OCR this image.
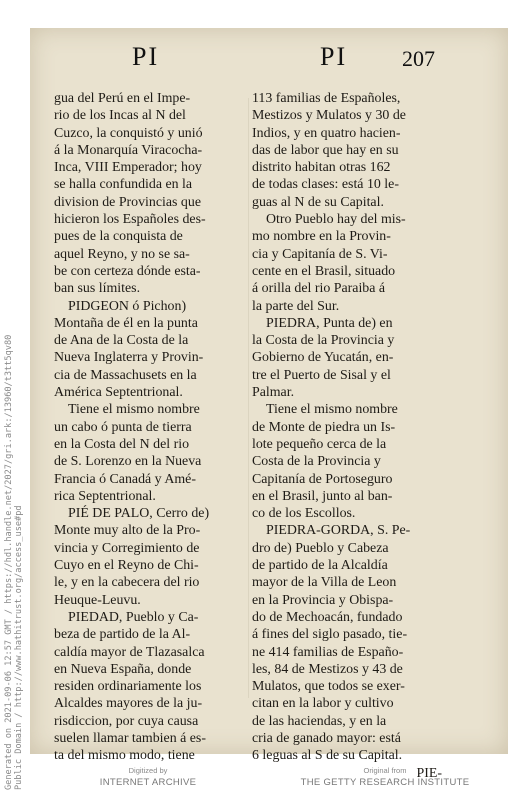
PI	PI 207
gua del Perú en el Impe-
rio de los Incas al N del
Cuzco, la conquistó y unió
á la Monarquía Viracocha-
Inca, VIII Emperador; hoy
se halla confundida en la
division de Provincias que
hicieron los Españoles des-
pues de la conquista de
aquel Reyno, y no se sa-
be con certeza dónde esta-
ban sus límites.
PIDGEON ó Pichon)
Montaña de él en la punta
de Ana de la Costa de la
Nueva Inglaterra y Provin-
cia de Massachusets en la
América Septentrional.
Tiene el mismo nombre
un cabo ó punta de tierra
en la Costa del N del rio
de S. Lorenzo en la Nueva
Francia ó Canadá y Amé-
rica Septentrional.
PIÉ DE PALO, Cerro de)
Monte muy alto de la Pro-
vincia y Corregimiento de
Cuyo en el Reyno de Chi-
le, y en la cabecera del rio
Heuque-Leuvu.
PIEDAD, Pueblo y Ca-
beza de partido de la Al-
caldía mayor de Tlazasalca
en Nueva España, donde
residen ordinariamente los
Alcaldes mayores de la ju-
risdiccion, por cuya causa
suelen llamar tambien á es-
ta del mismo modo, tiene
113 familias de Españoles,
Mestizos y Mulatos y 30 de
Indios, y en quatro hacien-
das de labor que hay en su
distrito habitan otras 162
de todas clases: está 10 le-
guas al N de su Capital.
Otro Pueblo hay del mis-
mo nombre en la Provin-
cia y Capitanía de S. Vi-
cente en el Brasil, situado
á orilla del rio Paraiba á
la parte del Sur.
PIEDRA, Punta de) en
la Costa de la Provincia y
Gobierno de Yucatán, en-
tre el Puerto de Sisal y el
Palmar.
Tiene el mismo nombre
de Monte de piedra un Is-
lote pequeño cerca de la
Costa de la Provincia y
Capitanía de Portoseguro
en el Brasil, junto al ban-
co de los Escollos.
PIEDRA-GORDA, S. Pe-
dro de) Pueblo y Cabeza
de partido de la Alcaldía
mayor de la Villa de Leon
en la Provincia y Obispa-
do de Mechoacán, fundado
á fines del siglo pasado, tie-
ne 414 familias de Españo-
les, 84 de Mestizos y 43 de
Mulatos, que todos se exer-
citan en la labor y cultivo
de las haciendas, y en la
cria de ganado mayor: está
6 leguas al S de su Capital.
PIE-
Generated on 2021-09-06 12:57 GMT / https://hdl.handle.net/2027/gri.ark:/13960/t3tt5qv80 Public Domain / http://www.hathitrust.org/access_use#pd	Digitized by
INTERNET ARCHIVE
Original from
THE GETTY RESEARCH INSTITUTE
